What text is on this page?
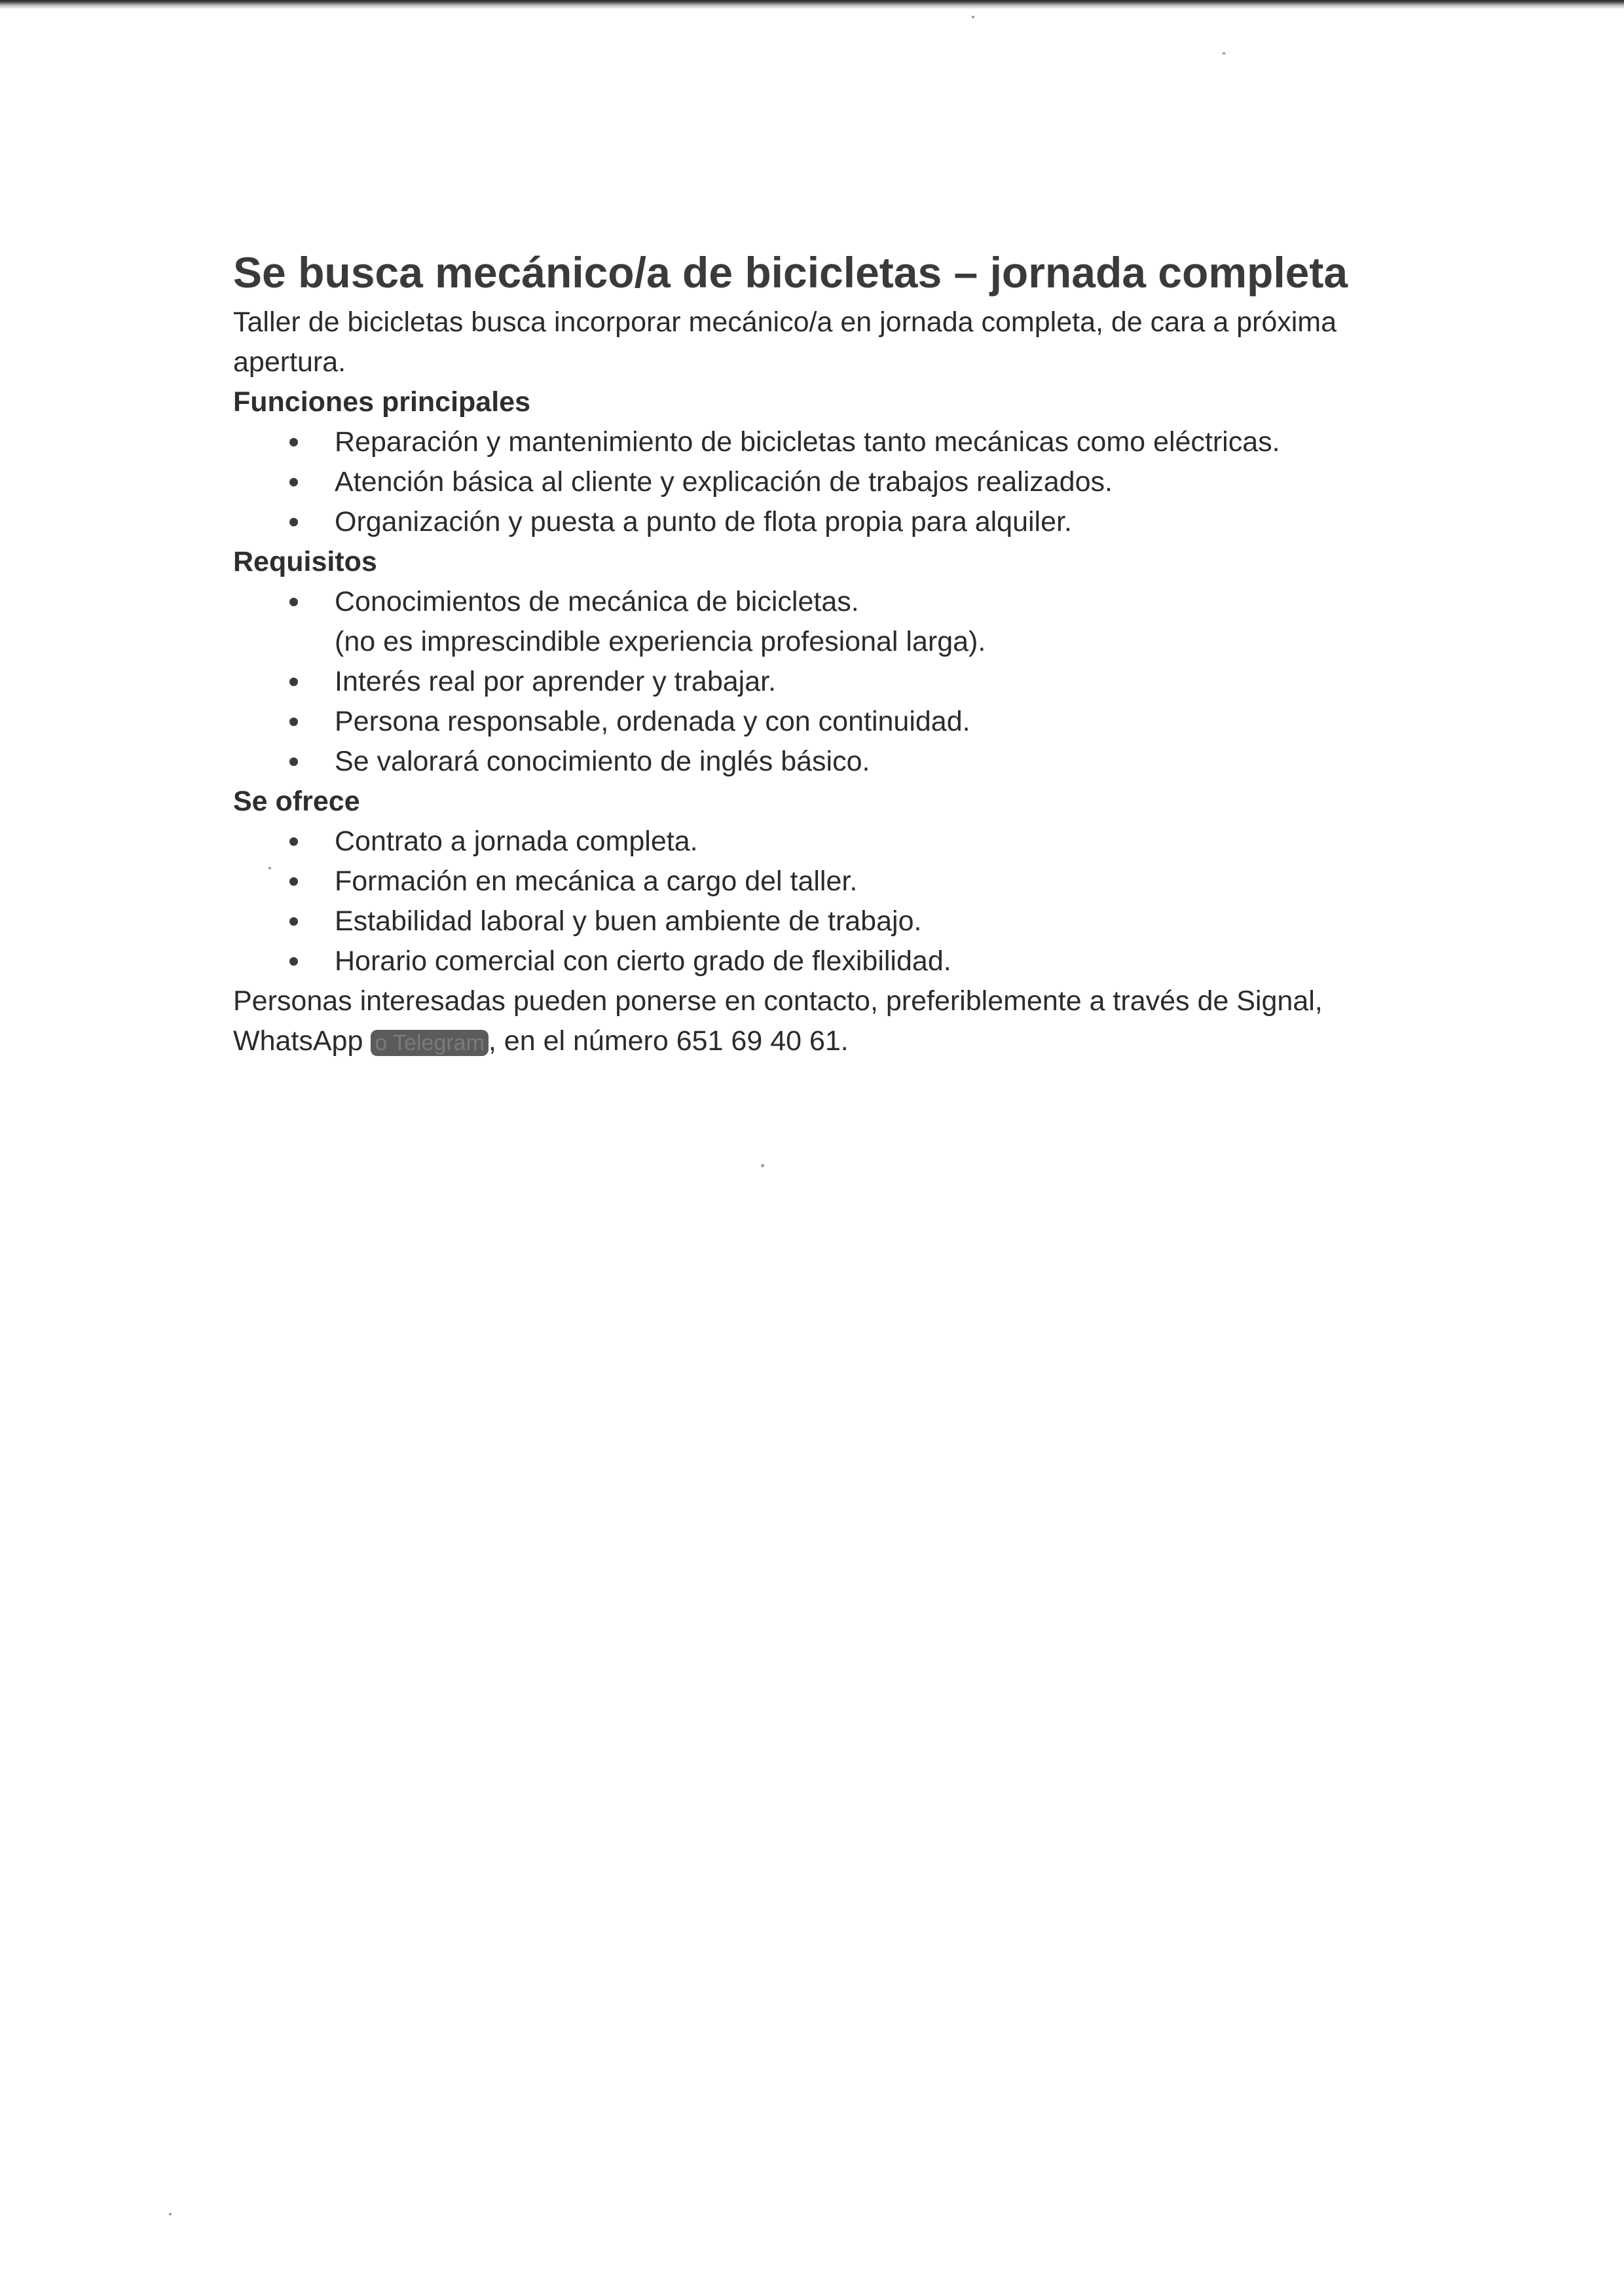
Se busca mecánico/a de bicicletas – jornada completa

Taller de bicicletas busca incorporar mecánico/a en jornada completa, de cara a próxima apertura.

Funciones principales
Reparación y mantenimiento de bicicletas tanto mecánicas como eléctricas.
Atención básica al cliente y explicación de trabajos realizados.
Organización y puesta a punto de flota propia para alquiler.
Requisitos
Conocimientos de mecánica de bicicletas.
(no es imprescindible experiencia profesional larga).
Interés real por aprender y trabajar.
Persona responsable, ordenada y con continuidad.
Se valorará conocimiento de inglés básico.
Se ofrece
Contrato a jornada completa.
Formación en mecánica a cargo del taller.
Estabilidad laboral y buen ambiente de trabajo.
Horario comercial con cierto grado de flexibilidad.

Personas interesadas pueden ponerse en contacto, preferiblemente a través de Signal,
WhatsApp o Telegram , en el número 651 69 40 61.
